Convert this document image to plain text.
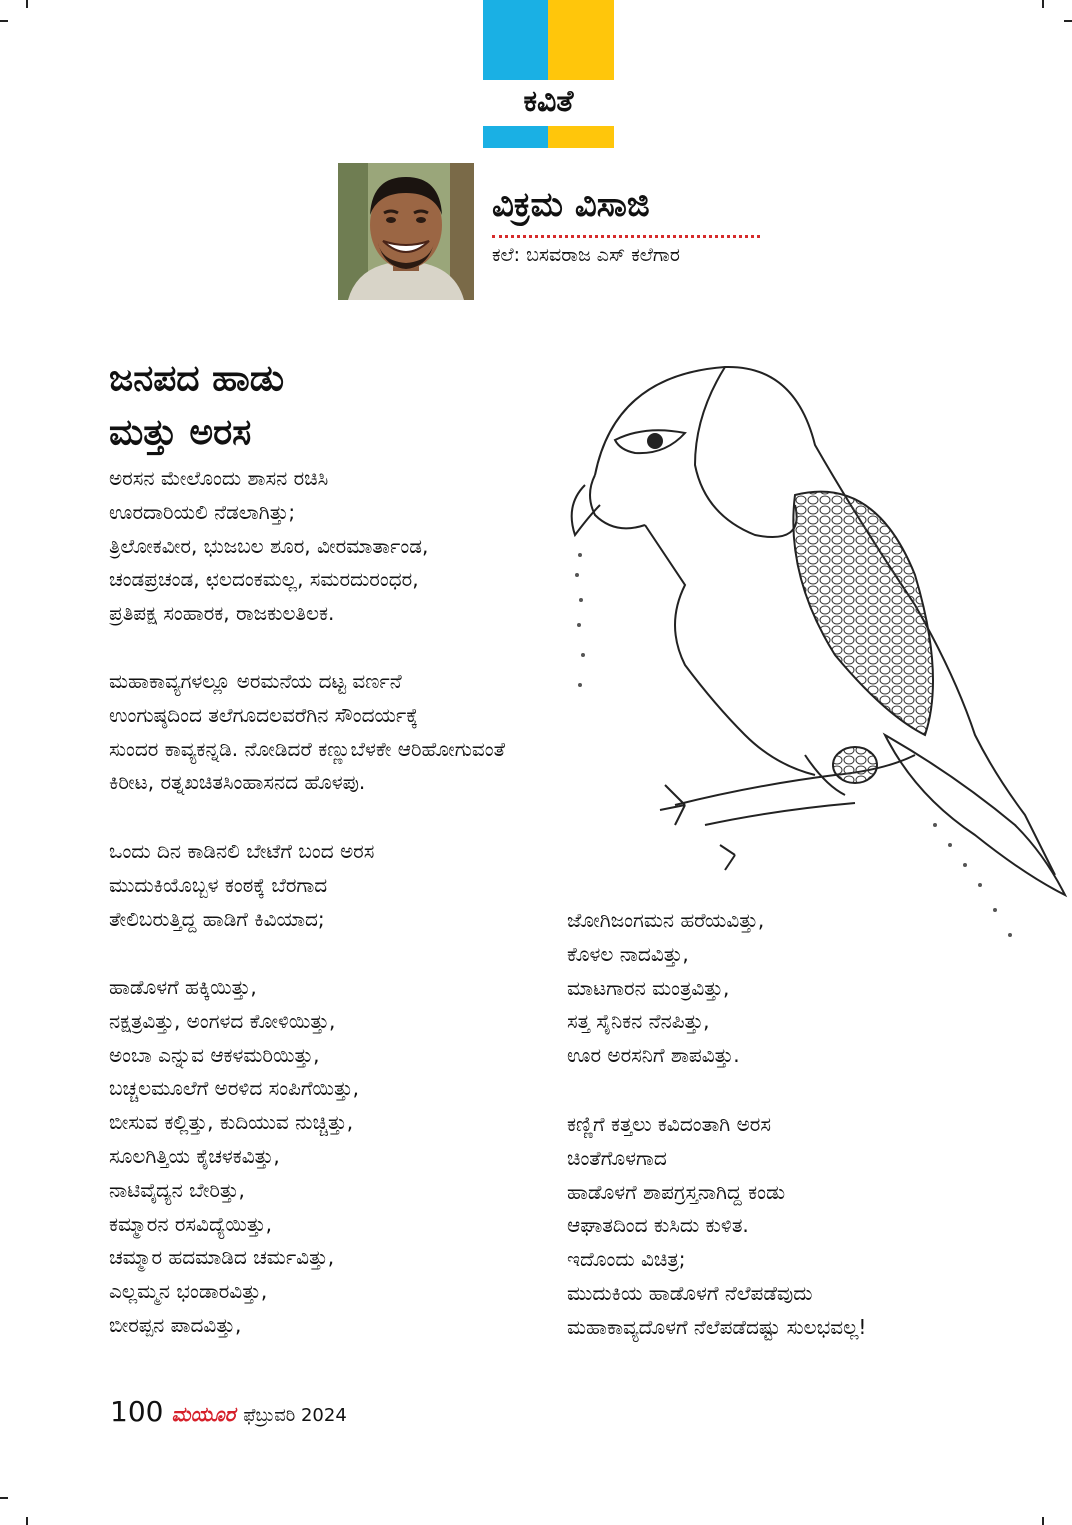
ಕವಿತೆ
ವಿಕ್ರಮ ವಿಸಾಜಿ
ಕಲೆ: ಬಸವರಾಜ ಎಸ್‌ ಕಲೆಗಾರ
ಜನಪದ ಹಾಡು
ಮತ್ತು ಅರಸ
ಅರಸನ ಮೇಲೊಂದು ಶಾಸನ ರಚಿಸಿ
ಊರದಾರಿಯಲಿ ನೆಡಲಾಗಿತ್ತು;
ತ್ರಿಲೋಕವೀರ, ಭುಜಬಲ ಶೂರ, ವೀರಮಾರ್ತಾಂಡ,
ಚಂಡಪ್ರಚಂಡ, ಛಲದಂಕಮಲ್ಲ, ಸಮರದುರಂಧರ,
ಪ್ರತಿಪಕ್ಷ ಸಂಹಾರಕ, ರಾಜಕುಲತಿಲಕ.
ಮಹಾಕಾವ್ಯಗಳಲ್ಲೂ ಅರಮನೆಯ ದಟ್ಟ ವರ್ಣನೆ
ಉಂಗುಷ್ಠದಿಂದ ತಲೆಗೂದಲವರೆಗಿನ ಸೌಂದರ್ಯಕ್ಕೆ
ಸುಂದರ ಕಾವ್ಯಕನ್ನಡಿ. ನೋಡಿದರೆ ಕಣ್ಣುಬೆಳಕೇ ಆರಿಹೋಗುವಂತೆ
ಕಿರೀಟ, ರತ್ನಖಚಿತಸಿಂಹಾಸನದ ಹೊಳಪು.
ಒಂದು ದಿನ ಕಾಡಿನಲಿ ಬೇಟೆಗೆ ಬಂದ ಅರಸ
ಮುದುಕಿಯೊಬ್ಬಳ ಕಂಠಕ್ಕೆ ಬೆರಗಾದ
ತೇಲಿಬರುತ್ತಿದ್ದ ಹಾಡಿಗೆ ಕಿವಿಯಾದ;
ಹಾಡೊಳಗೆ ಹಕ್ಕಿಯಿತ್ತು,
ನಕ್ಷತ್ರವಿತ್ತು, ಅಂಗಳದ ಕೋಳಿಯಿತ್ತು,
ಅಂಬಾ ಎನ್ನುವ ಆಕಳಮರಿಯಿತ್ತು,
ಬಚ್ಚಲಮೂಲೆಗೆ ಅರಳಿದ ಸಂಪಿಗೆಯಿತ್ತು,
ಬೀಸುವ ಕಲ್ಲಿತ್ತು, ಕುದಿಯುವ ನುಚ್ಚಿತ್ತು,
ಸೂಲಗಿತ್ತಿಯ ಕೈಚಳಕವಿತ್ತು,
ನಾಟಿವೈದ್ಯನ ಬೇರಿತ್ತು,
ಕಮ್ಮಾರನ ರಸವಿದ್ಯೆಯಿತ್ತು,
ಚಮ್ಮಾರ ಹದಮಾಡಿದ ಚರ್ಮವಿತ್ತು,
ಎಲ್ಲಮ್ಮನ ಭಂಡಾರವಿತ್ತು,
ಬೀರಪ್ಪನ ಪಾದವಿತ್ತು,
ಜೋಗಿಜಂಗಮನ ಹರೆಯವಿತ್ತು,
ಕೊಳಲ ನಾದವಿತ್ತು,
ಮಾಟಗಾರನ ಮಂತ್ರವಿತ್ತು,
ಸತ್ತ ಸೈನಿಕನ ನೆನಪಿತ್ತು,
ಊರ ಅರಸನಿಗೆ ಶಾಪವಿತ್ತು.
ಕಣ್ಣಿಗೆ ಕತ್ತಲು ಕವಿದಂತಾಗಿ ಅರಸ
ಚಿಂತೆಗೊಳಗಾದ
ಹಾಡೊಳಗೆ ಶಾಪಗ್ರಸ್ತನಾಗಿದ್ದ ಕಂಡು
ಆಘಾತದಿಂದ ಕುಸಿದು ಕುಳಿತ.
ಇದೊಂದು ವಿಚಿತ್ರ;
ಮುದುಕಿಯ ಹಾಡೊಳಗೆ ನೆಲೆಪಡೆವುದು
ಮಹಾಕಾವ್ಯದೊಳಗೆ ನೆಲೆಪಡೆದಷ್ಟು ಸುಲಭವಲ್ಲ!
100 ಮಯೂರ ಫೆಬ್ರುವರಿ 2024
